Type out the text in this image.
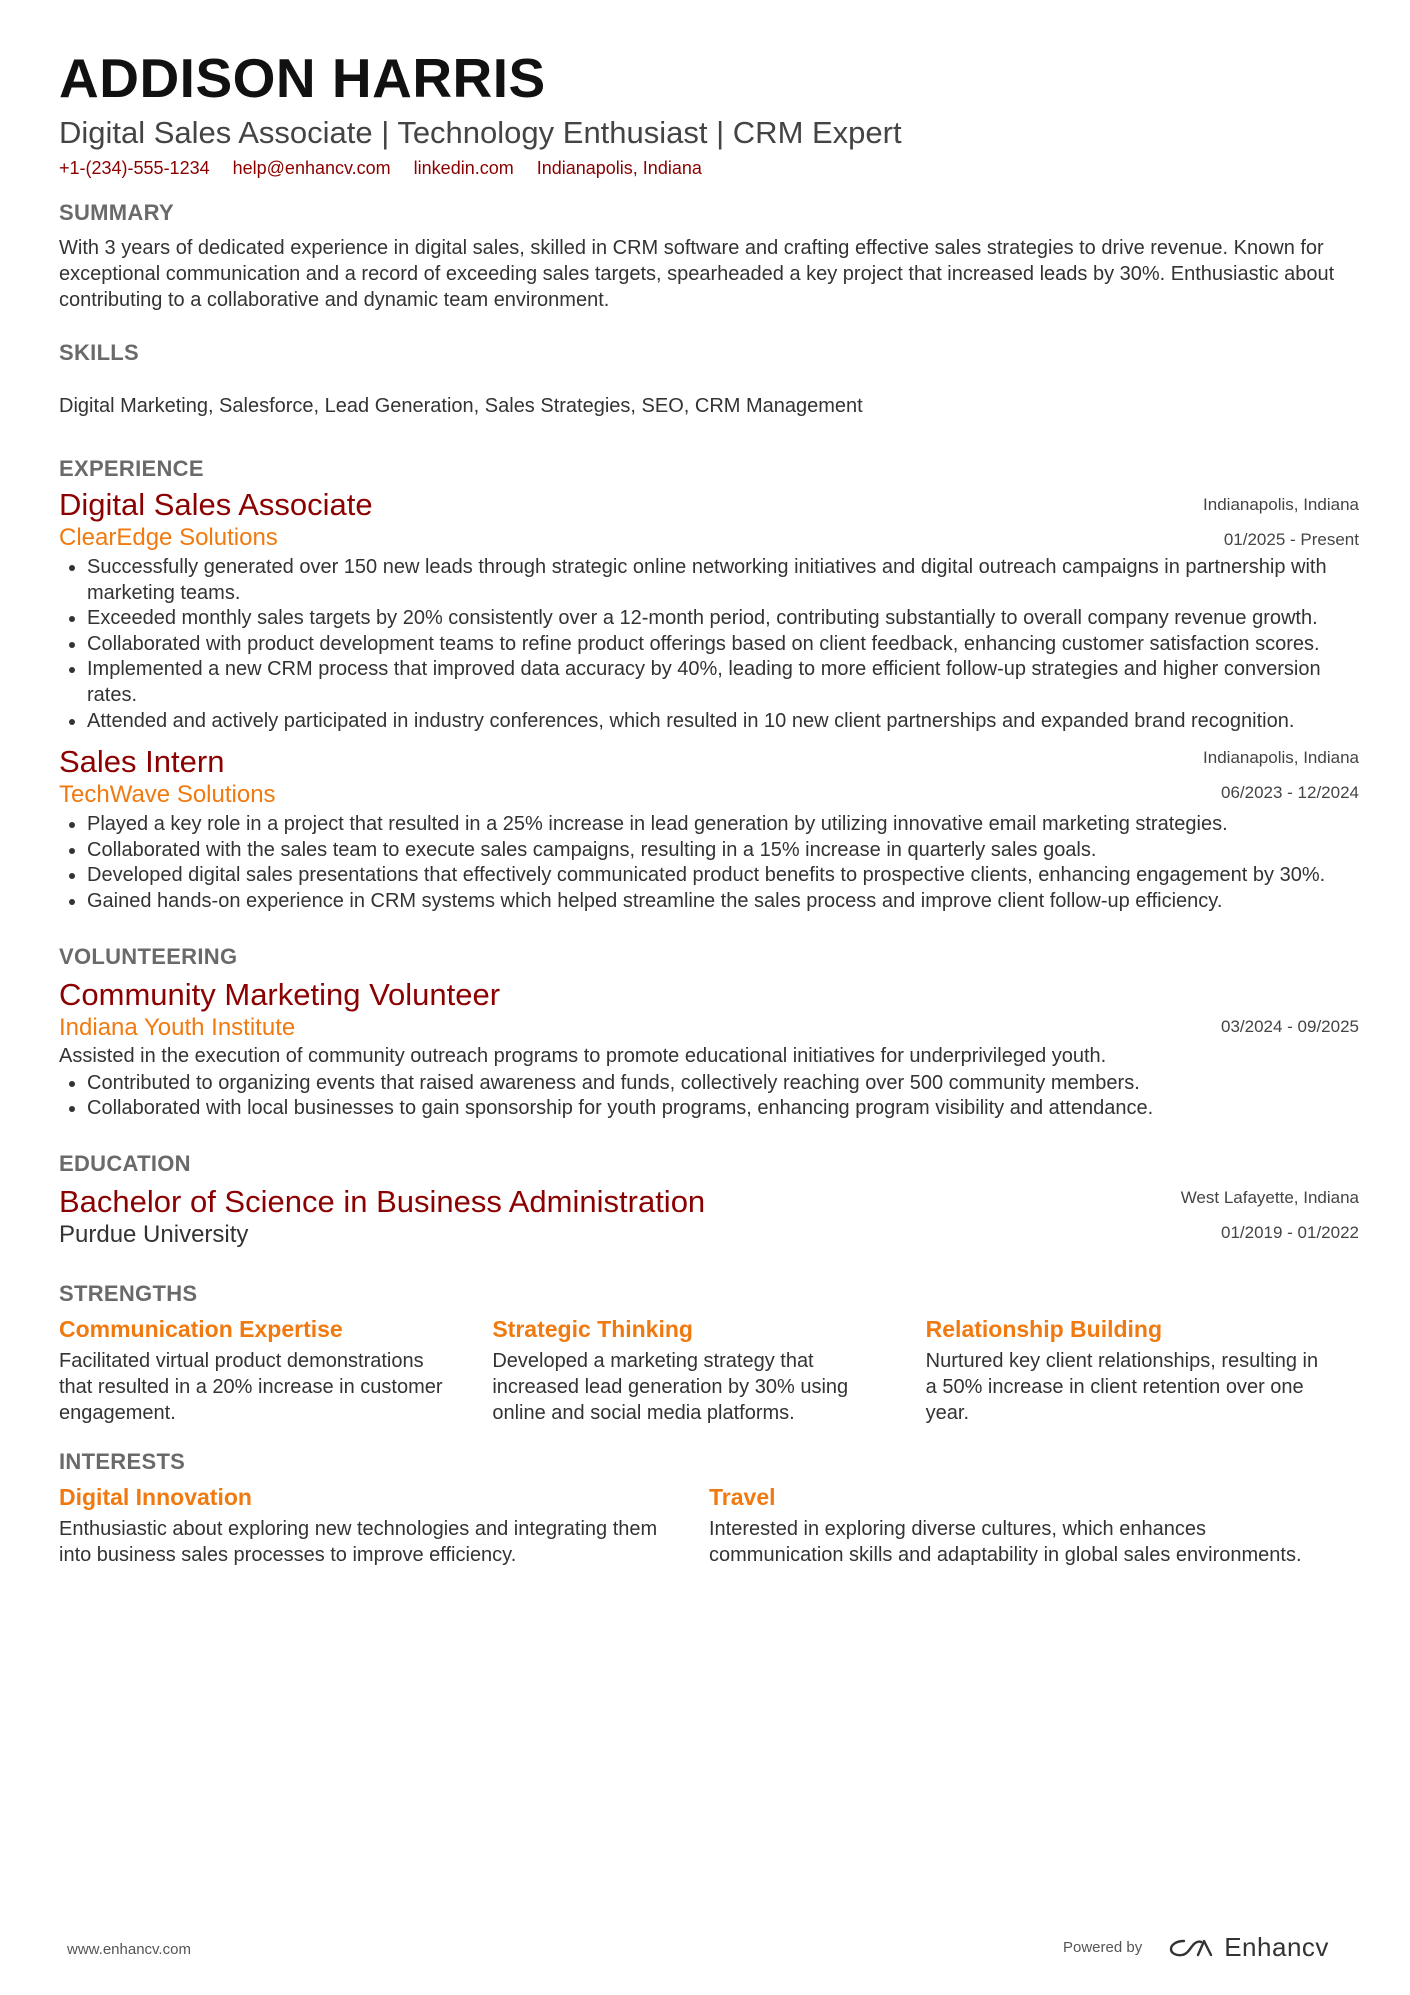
ADDISON HARRIS
Digital Sales Associate | Technology Enthusiast | CRM Expert
+1-(234)-555-1234 help@enhancv.com linkedin.com Indianapolis, Indiana
SUMMARY
With 3 years of dedicated experience in digital sales, skilled in CRM software and crafting effective sales strategies to drive revenue. Known for exceptional communication and a record of exceeding sales targets, spearheaded a key project that increased leads by 30%. Enthusiastic about contributing to a collaborative and dynamic team environment.
SKILLS
Digital Marketing, Salesforce, Lead Generation, Sales Strategies, SEO, CRM Management
EXPERIENCE
Indianapolis, Indiana
01/2025 - Present
Digital Sales Associate
ClearEdge Solutions
• Successfully generated over 150 new leads through strategic online networking initiatives and digital outreach campaigns in partnership with marketing teams.
• Exceeded monthly sales targets by 20% consistently over a 12-month period, contributing substantially to overall company revenue growth.
• Collaborated with product development teams to refine product offerings based on client feedback, enhancing customer satisfaction scores.
• Implemented a new CRM process that improved data accuracy by 40%, leading to more efficient follow-up strategies and higher conversion rates.
• Attended and actively participated in industry conferences, which resulted in 10 new client partnerships and expanded brand recognition.
Indianapolis, Indiana
06/2023 - 12/2024
Sales Intern
TechWave Solutions
• Played a key role in a project that resulted in a 25% increase in lead generation by utilizing innovative email marketing strategies.
• Collaborated with the sales team to execute sales campaigns, resulting in a 15% increase in quarterly sales goals.
• Developed digital sales presentations that effectively communicated product benefits to prospective clients, enhancing engagement by 30%.
• Gained hands-on experience in CRM systems which helped streamline the sales process and improve client follow-up efficiency.
VOLUNTEERING
03/2024 - 09/2025
Community Marketing Volunteer
Indiana Youth Institute
Assisted in the execution of community outreach programs to promote educational initiatives for underprivileged youth.
• Contributed to organizing events that raised awareness and funds, collectively reaching over 500 community members.
• Collaborated with local businesses to gain sponsorship for youth programs, enhancing program visibility and attendance.
EDUCATION
West Lafayette, Indiana
01/2019 - 01/2022
Bachelor of Science in Business Administration
Purdue University
STRENGTHS
Communication Expertise
Facilitated virtual product demonstrations that resulted in a 20% increase in customer engagement.
Strategic Thinking
Developed a marketing strategy that increased lead generation by 30% using online and social media platforms.
Relationship Building
Nurtured key client relationships, resulting in a 50% increase in client retention over one year.
INTERESTS
Digital Innovation
Enthusiastic about exploring new technologies and integrating them into business sales processes to improve efficiency.
Travel
Interested in exploring diverse cultures, which enhances communication skills and adaptability in global sales environments.
www.enhancv.com	Powered by	Enhancv
